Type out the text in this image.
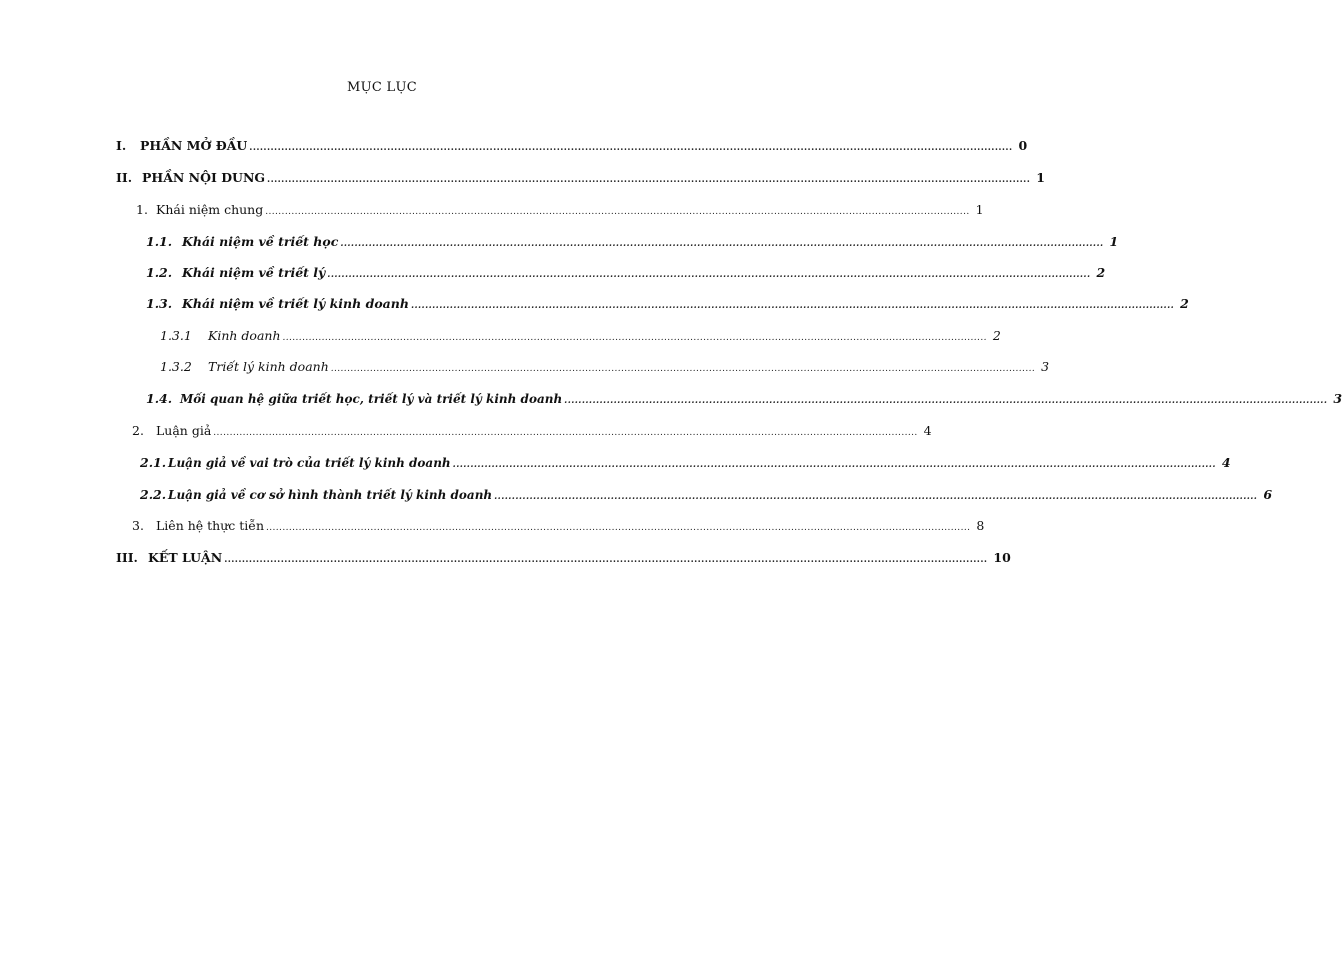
MỤC LỤC
I.	PHẦN MỞ ĐẦU ........................................................................................................................................................................................................................ 0
II. PHẦN NỘI DUNG ........................................................................................................................................................................................................................ 1
1. Khái niệm chung ........................................................................................................................................................................................................................ 1
1.1. Khái niệm về triết học ........................................................................................................................................................................................................................ 1
1.2. Khái niệm về triết lý ........................................................................................................................................................................................................................ 2
1.3. Khái niệm về triết lý kinh doanh ........................................................................................................................................................................................................................ 2
1.3.1	Kinh doanh ........................................................................................................................................................................................................................ 2
1.3.2	Triết lý kinh doanh ........................................................................................................................................................................................................................ 3
1.4. Mối quan hệ giữa triết học, triết lý và triết lý kinh doanh ........................................................................................................................................................................................................................ 3
2. Luận giả ........................................................................................................................................................................................................................ 4
2.1. Luận giả về vai trò của triết lý kinh doanh ........................................................................................................................................................................................................................ 4
2.2. Luận giả về cơ sở hình thành triết lý kinh doanh ........................................................................................................................................................................................................................ 6
3. Liên hệ thực tiễn ........................................................................................................................................................................................................................ 8
III. KẾT LUẬN ........................................................................................................................................................................................................................ 10
